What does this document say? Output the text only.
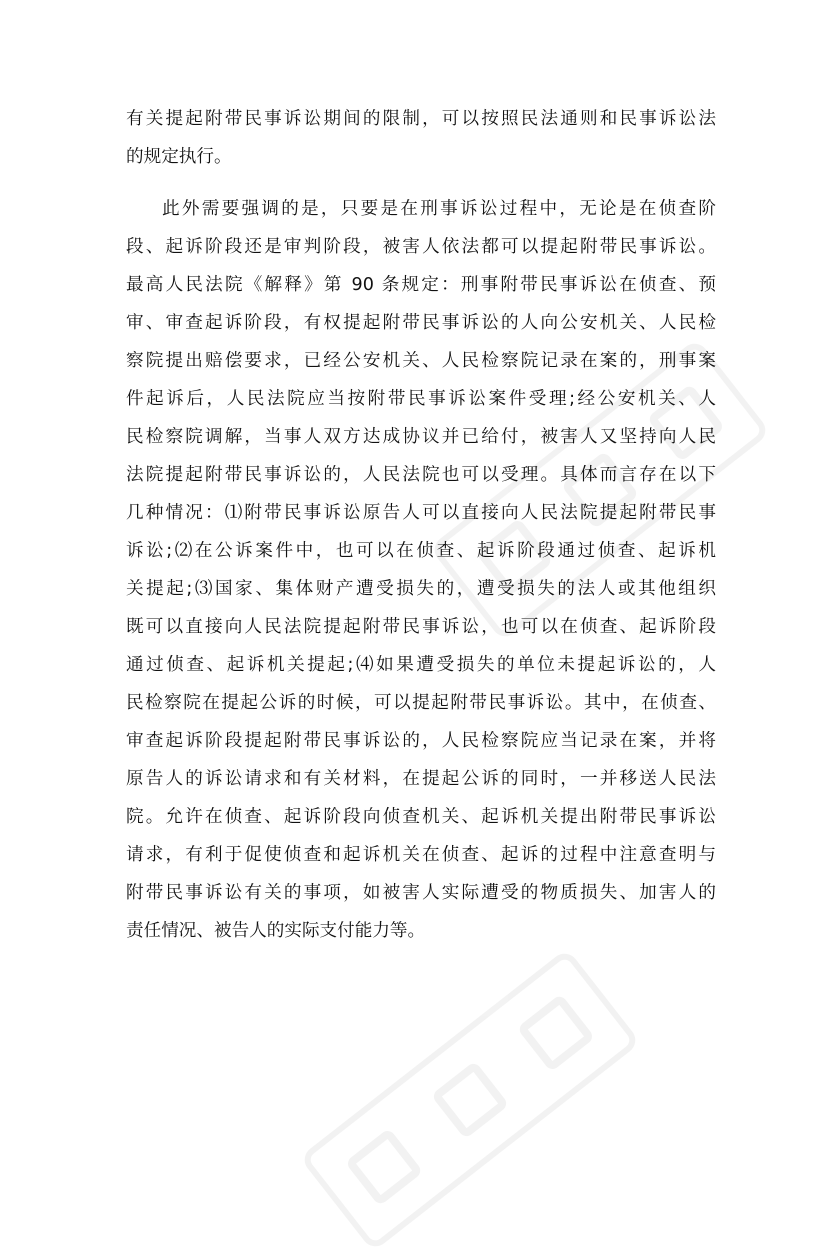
有关提起附带民事诉讼期间的限制，可以按照民法通则和民事诉讼法
的规定执行。
此外需要强调的是，只要是在刑事诉讼过程中，无论是在侦查阶
段、起诉阶段还是审判阶段，被害人依法都可以提起附带民事诉讼。
最高人民法院《解释》第 90 条规定：刑事附带民事诉讼在侦查、预
审、审查起诉阶段，有权提起附带民事诉讼的人向公安机关、人民检
察院提出赔偿要求，已经公安机关、人民检察院记录在案的，刑事案
件起诉后，人民法院应当按附带民事诉讼案件受理;经公安机关、人
民检察院调解，当事人双方达成协议并已给付，被害人又坚持向人民
法院提起附带民事诉讼的，人民法院也可以受理。具体而言存在以下
几种情况：⑴附带民事诉讼原告人可以直接向人民法院提起附带民事
诉讼;⑵在公诉案件中，也可以在侦查、起诉阶段通过侦查、起诉机
关提起;⑶国家、集体财产遭受损失的，遭受损失的法人或其他组织
既可以直接向人民法院提起附带民事诉讼，也可以在侦查、起诉阶段
通过侦查、起诉机关提起;⑷如果遭受损失的单位未提起诉讼的，人
民检察院在提起公诉的时候，可以提起附带民事诉讼。其中，在侦查、
审查起诉阶段提起附带民事诉讼的，人民检察院应当记录在案，并将
原告人的诉讼请求和有关材料，在提起公诉的同时，一并移送人民法
院。允许在侦查、起诉阶段向侦查机关、起诉机关提出附带民事诉讼
请求，有利于促使侦查和起诉机关在侦查、起诉的过程中注意查明与
附带民事诉讼有关的事项，如被害人实际遭受的物质损失、加害人的
责任情况、被告人的实际支付能力等。
